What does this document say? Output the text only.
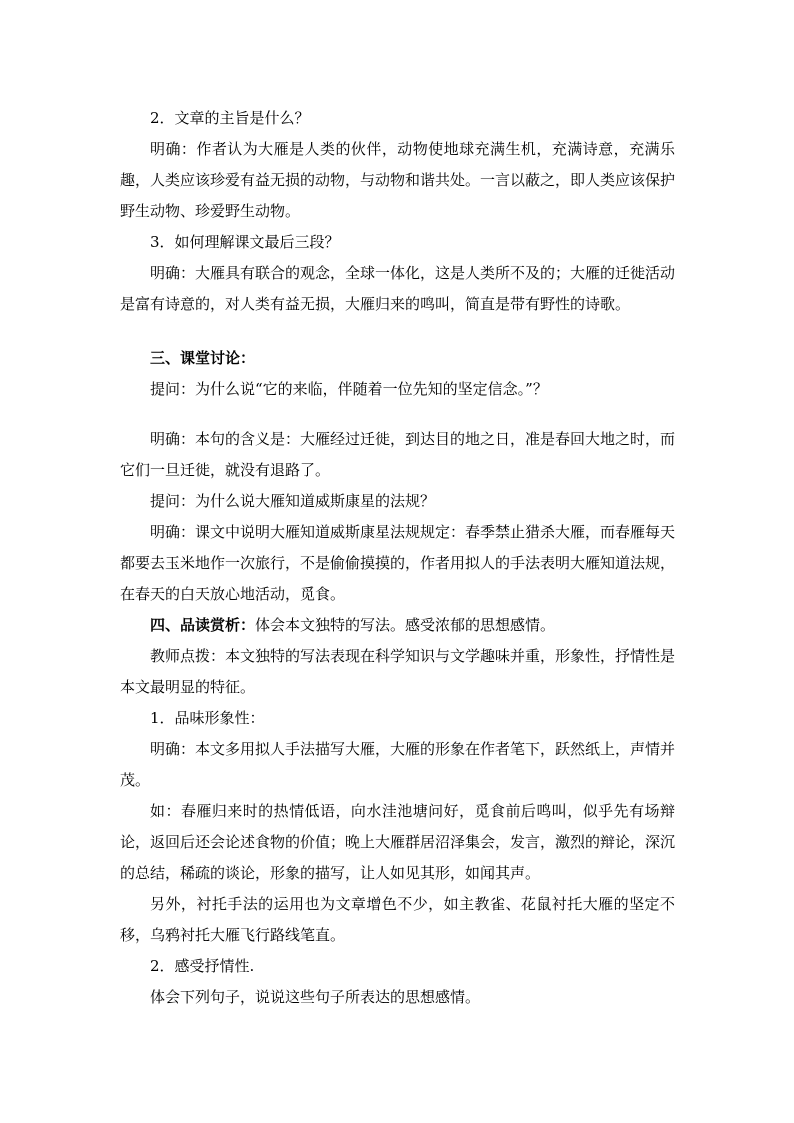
2．文章的主旨是什么？

明确：作者认为大雁是人类的伙伴，动物使地球充满生机，充满诗意，充满乐趣，人类应该珍爱有益无损的动物，与动物和谐共处。一言以蔽之，即人类应该保护野生动物、珍爱野生动物。

3．如何理解课文最后三段？

明确：大雁具有联合的观念，全球一体化，这是人类所不及的；大雁的迁徙活动是富有诗意的，对人类有益无损，大雁归来的鸣叫，简直是带有野性的诗歌。

三、课堂讨论：

提问：为什么说“它的来临，伴随着一位先知的坚定信念。”？

明确：本句的含义是：大雁经过迁徙，到达目的地之日，准是春回大地之时，而它们一旦迁徙，就没有退路了。

提问：为什么说大雁知道威斯康星的法规？

明确：课文中说明大雁知道威斯康星法规规定：春季禁止猎杀大雁，而春雁每天都要去玉米地作一次旅行，不是偷偷摸摸的，作者用拟人的手法表明大雁知道法规，在春天的白天放心地活动，觅食。

四、品读赏析：体会本文独特的写法。感受浓郁的思想感情。

教师点拨：本文独特的写法表现在科学知识与文学趣味并重，形象性，抒情性是本文最明显的特征。

1．品味形象性：

明确：本文多用拟人手法描写大雁，大雁的形象在作者笔下，跃然纸上，声情并茂。

如：春雁归来时的热情低语，向水洼池塘问好，觅食前后鸣叫，似乎先有场辩论，返回后还会论述食物的价值；晚上大雁群居沼泽集会，发言，激烈的辩论，深沉的总结，稀疏的谈论，形象的描写，让人如见其形，如闻其声。

另外，衬托手法的运用也为文章增色不少，如主教雀、花鼠衬托大雁的坚定不移，乌鸦衬托大雁飞行路线笔直。

2．感受抒情性.

体会下列句子，说说这些句子所表达的思想感情。
